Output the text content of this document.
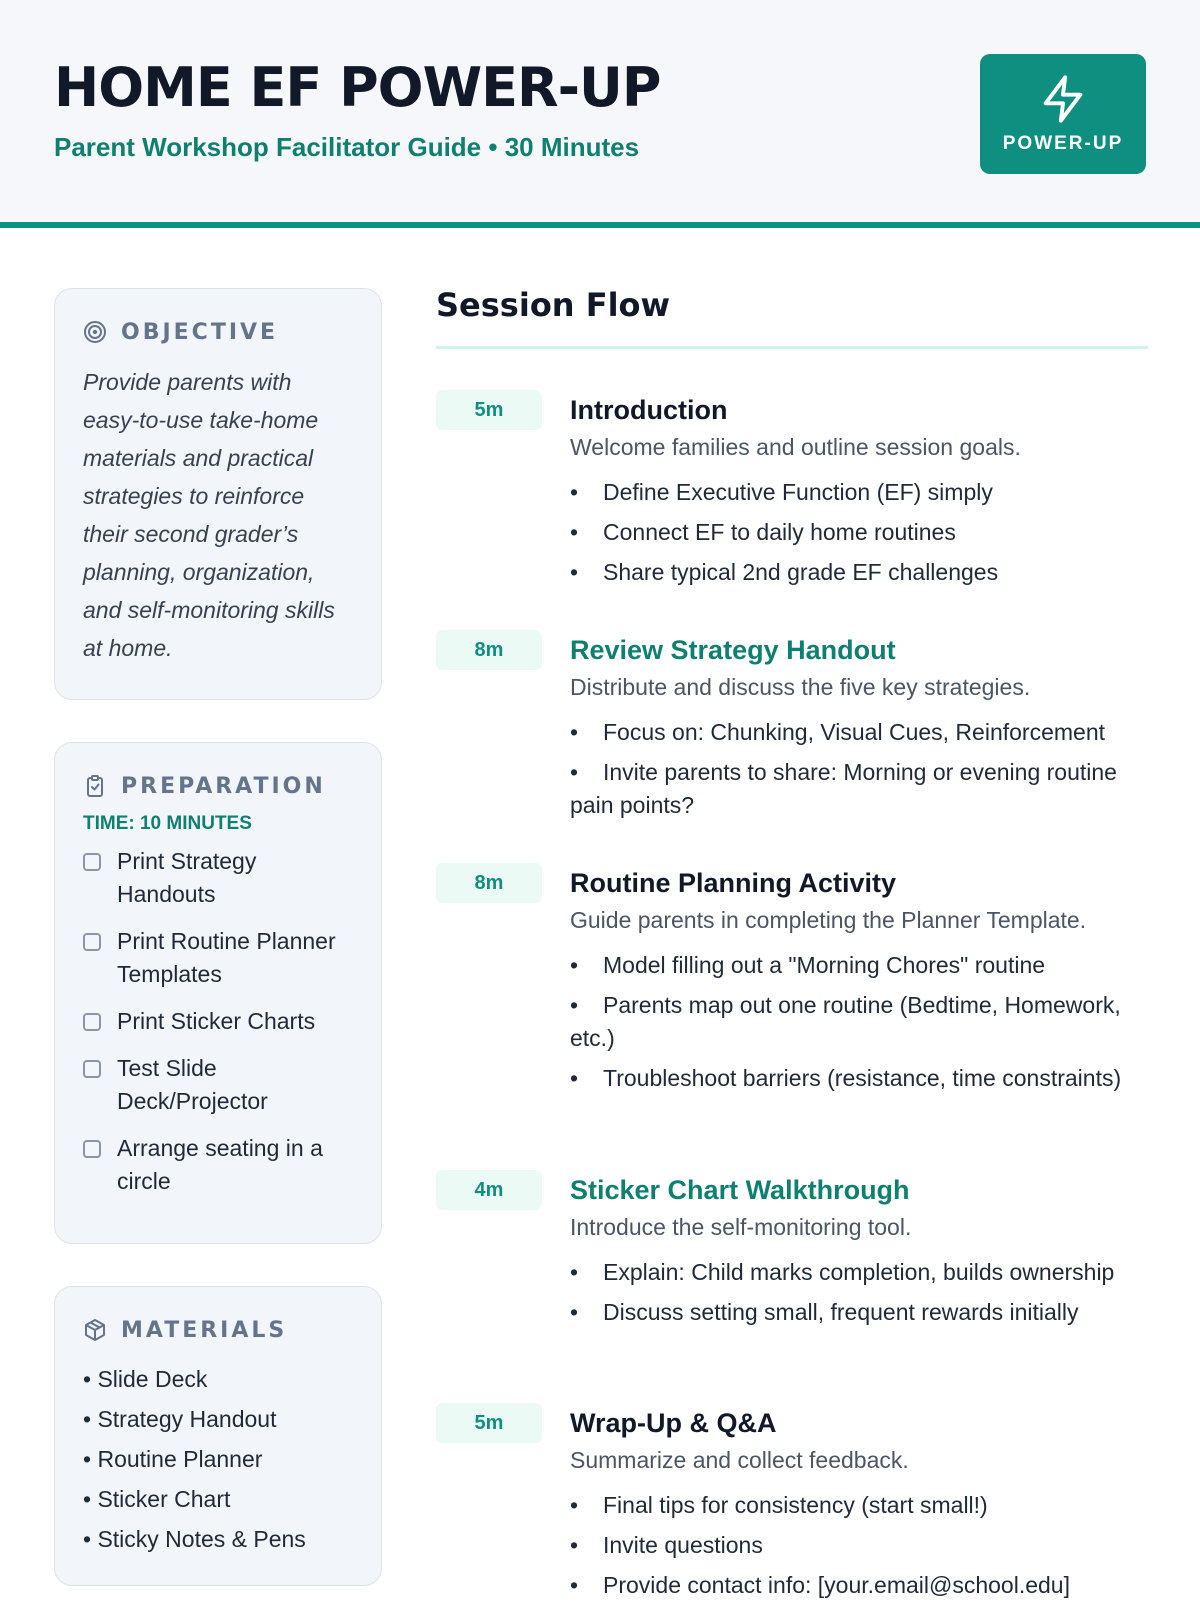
HOME EF POWER-UP

Parent Workshop Facilitator Guide • 30 Minutes	POWER-UP
OBJECTIVE

Provide parents with easy-to-use take-home materials and practical strategies to reinforce their second grader’s planning, organization, and self-monitoring skills at home.

PREPARATION
TIME: 10 MINUTES
Print Strategy Handouts
Print Routine Planner Templates
Print Sticker Charts
Test Slide Deck/Projector
Arrange seating in a circle
MATERIALS
• Slide Deck
• Strategy Handout
• Routine Planner
• Sticker Chart
• Sticky Notes & Pens
Session Flow
5m	Introduction

Welcome families and outline session goals.

• Define Executive Function (EF) simply
• Connect EF to daily home routines
• Share typical 2nd grade EF challenges
8m	Review Strategy Handout

Distribute and discuss the five key strategies.

• Focus on: Chunking, Visual Cues, Reinforcement
• Invite parents to share: Morning or evening routine pain points?
8m	Routine Planning Activity

Guide parents in completing the Planner Template.

• Model filling out a "Morning Chores" routine
• Parents map out one routine (Bedtime, Homework, etc.)
• Troubleshoot barriers (resistance, time constraints)
4m	Sticker Chart Walkthrough

Introduce the self-monitoring tool.

• Explain: Child marks completion, builds ownership
• Discuss setting small, frequent rewards initially
5m	Wrap-Up & Q&A

Summarize and collect feedback.

• Final tips for consistency (start small!)
• Invite questions
• Provide contact info: [your.email@school.edu]
